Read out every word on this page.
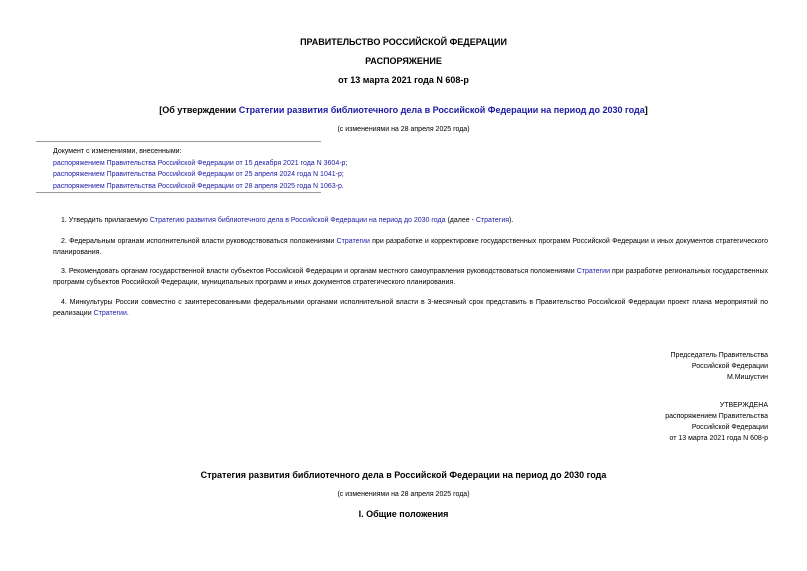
ПРАВИТЕЛЬСТВО РОССИЙСКОЙ ФЕДЕРАЦИИ
РАСПОРЯЖЕНИЕ
от 13 марта 2021 года N 608-р
[Об утверждении Стратегии развития библиотечного дела в Российской Федерации на период до 2030 года]
(с изменениями на 28 апреля 2025 года)
Документ с изменениями, внесенными:
распоряжением Правительства Российской Федерации от 15 декабря 2021 года N 3604-р;
распоряжением Правительства Российской Федерации от 25 апреля 2024 года N 1041-р;
распоряжением Правительства Российской Федерации от 28 апреля 2025 года N 1063-р.
1. Утвердить прилагаемую Стратегию развития библиотечного дела в Российской Федерации на период до 2030 года (далее - Стратегия).
2. Федеральным органам исполнительной власти руководствоваться положениями Стратегии при разработке и корректировке государственных программ Российской Федерации и иных документов стратегического планирования.
3. Рекомендовать органам государственной власти субъектов Российской Федерации и органам местного самоуправления руководствоваться положениями Стратегии при разработке региональных государственных программ субъектов Российской Федерации, муниципальных программ и иных документов стратегического планирования.
4. Минкультуры России совместно с заинтересованными федеральными органами исполнительной власти в 3-месячный срок представить в Правительство Российской Федерации проект плана мероприятий по реализации Стратегии.
Председатель Правительства
Российской Федерации
М.Мишустин
УТВЕРЖДЕНА
распоряжением Правительства
Российской Федерации
от 13 марта 2021 года N 608-р
Стратегия развития библиотечного дела в Российской Федерации на период до 2030 года
(с изменениями на 28 апреля 2025 года)
I. Общие положения
